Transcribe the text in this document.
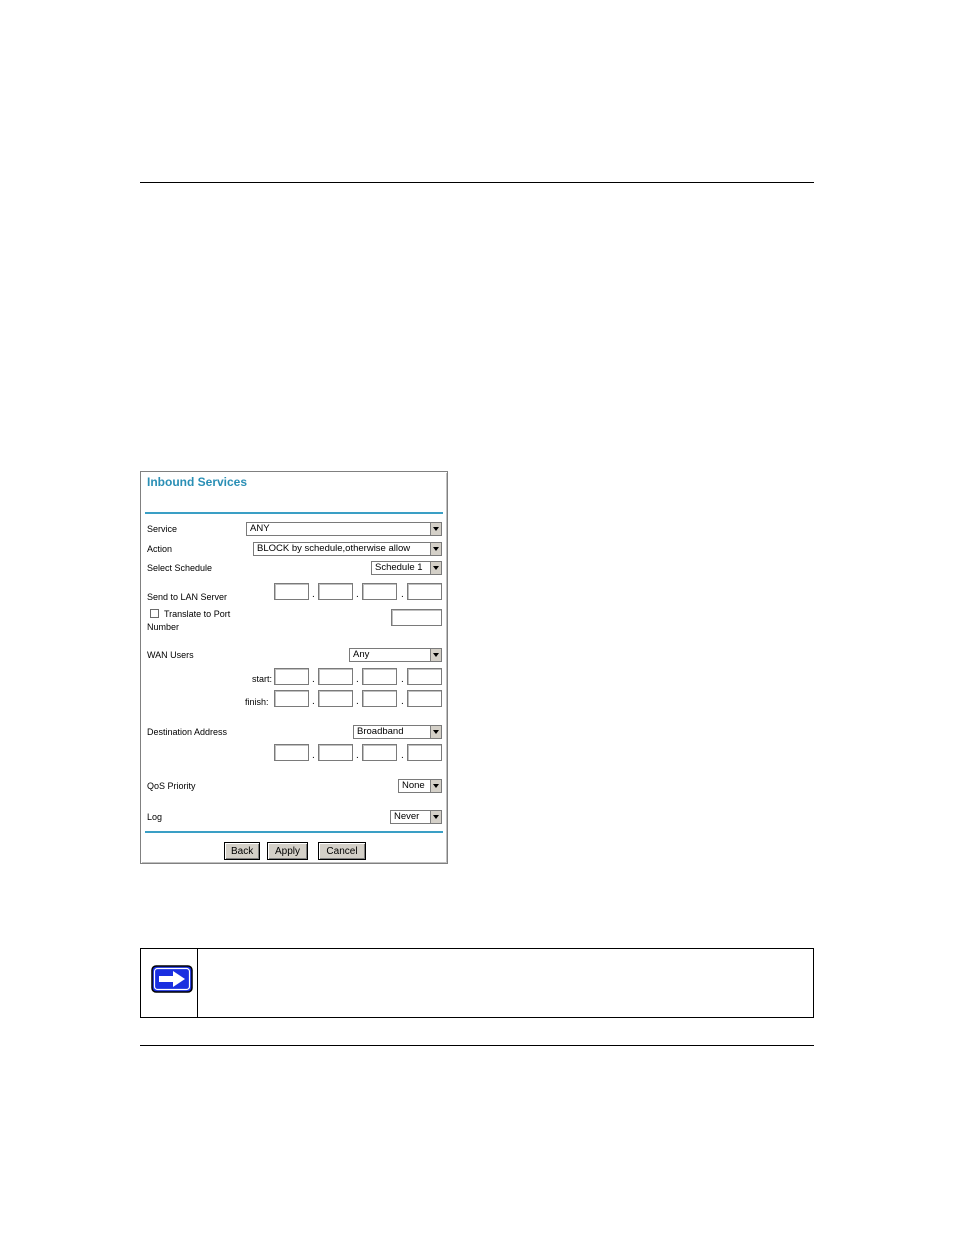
Inbound Services
Service	ANY
Action	BLOCK by schedule,otherwise allow
Select Schedule	Schedule 1
Send to LAN Server	.	.	.
Translate to Port
Number
WAN Users	Any
start:	.	.	.
finish:	.	.	.
Destination Address	Broadband
.	.	.
QoS Priority	None
Log	Never
Back	Apply	Cancel
